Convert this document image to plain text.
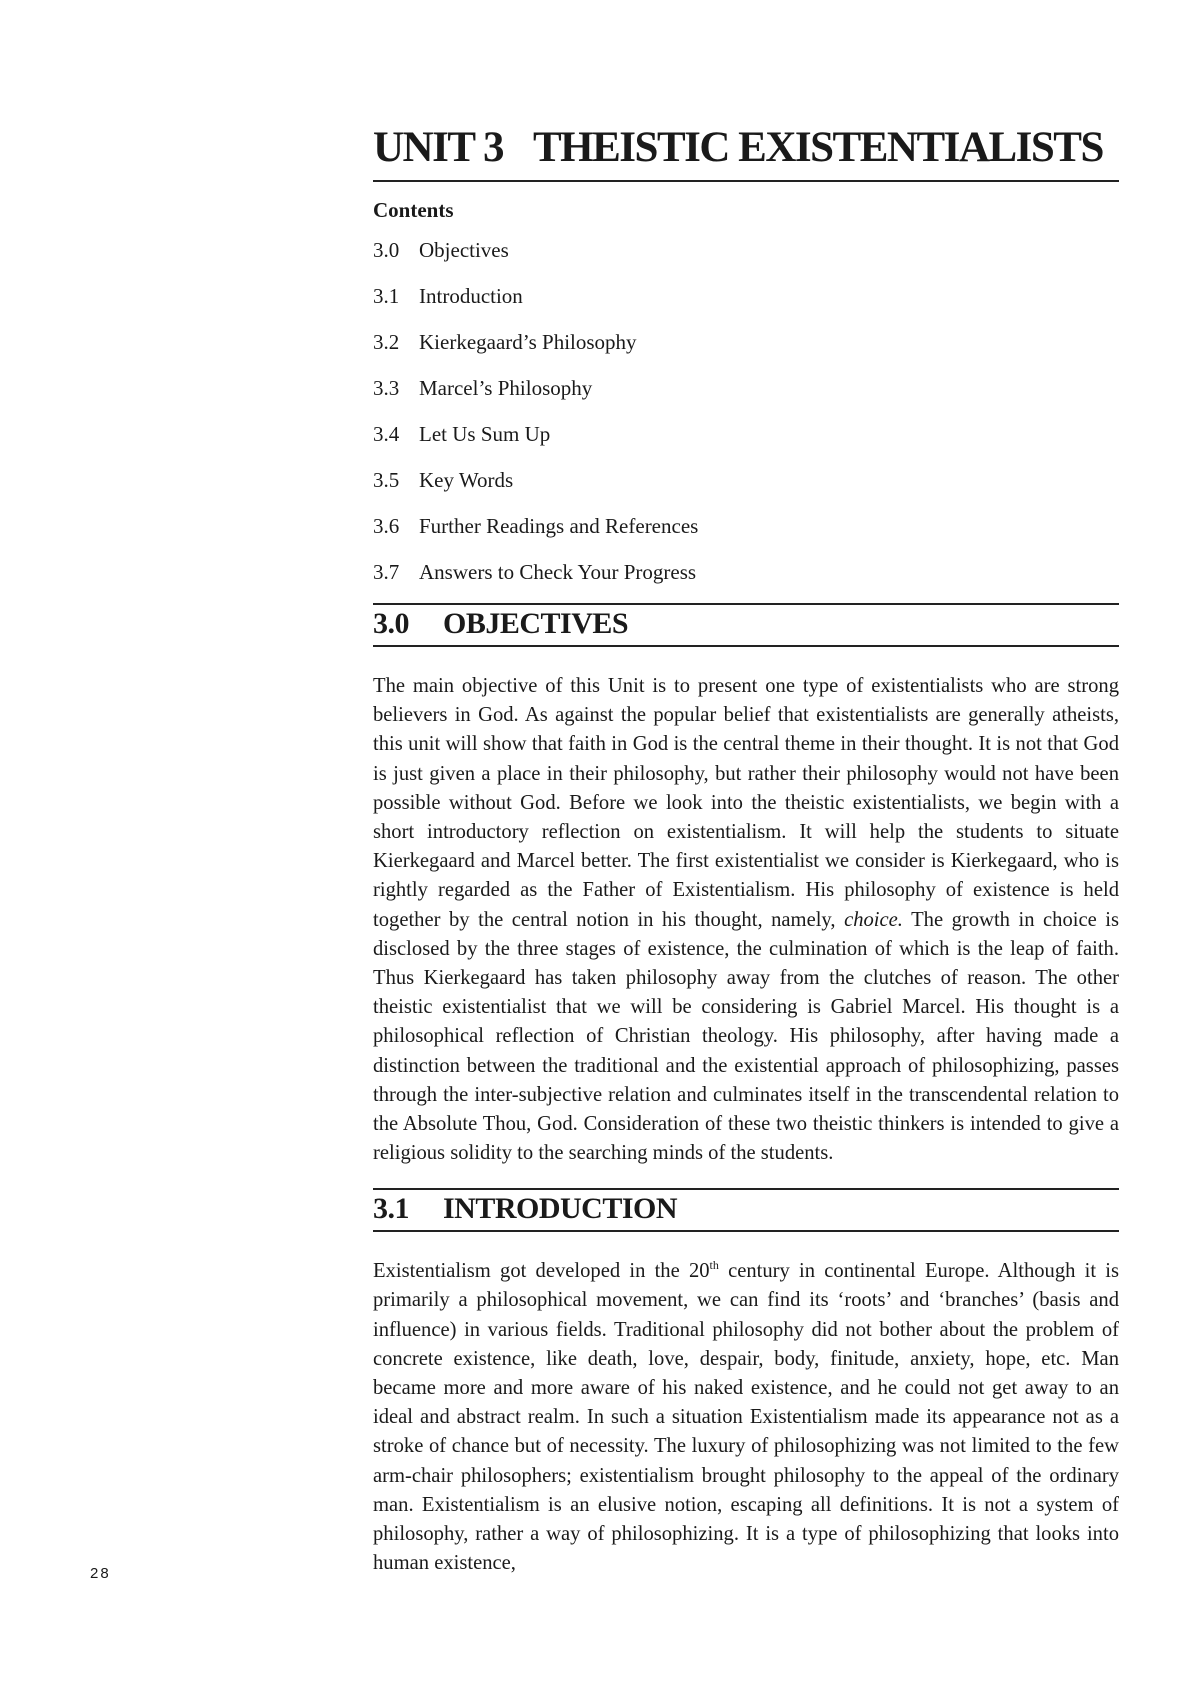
UNIT 3 THEISTIC EXISTENTIALISTS
Contents
3.0 Objectives
3.1 Introduction
3.2 Kierkegaard’s Philosophy
3.3 Marcel’s Philosophy
3.4 Let Us Sum Up
3.5 Key Words
3.6 Further Readings and References
3.7 Answers to Check Your Progress
3.0 OBJECTIVES

The main objective of this Unit is to present one type of existentialists who are strong believers in God. As against the popular belief that existentialists are generally atheists, this unit will show that faith in God is the central theme in their thought. It is not that God is just given a place in their philosophy, but rather their philosophy would not have been possible without God. Before we look into the theistic existentialists, we begin with a short introductory reflection on existentialism. It will help the students to situate Kierkegaard and Marcel better. The first existentialist we consider is Kierkegaard, who is rightly regarded as the Father of Existentialism. His philosophy of existence is held together by the central notion in his thought, namely, choice. The growth in choice is disclosed by the three stages of existence, the culmination of which is the leap of faith. Thus Kierkegaard has taken philosophy away from the clutches of reason. The other theistic existentialist that we will be considering is Gabriel Marcel. His thought is a philosophical reflection of Christian theology. His philosophy, after having made a distinction between the traditional and the existential approach of philosophizing, passes through the inter-subjective relation and culminates itself in the transcendental relation to the Absolute Thou, God. Consideration of these two theistic thinkers is intended to give a religious solidity to the searching minds of the students.

3.1 INTRODUCTION

Existentialism got developed in the 20th century in continental Europe. Although it is primarily a philosophical movement, we can find its ‘roots’ and ‘branches’ (basis and influence) in various fields. Traditional philosophy did not bother about the problem of concrete existence, like death, love, despair, body, finitude, anxiety, hope, etc. Man became more and more aware of his naked existence, and he could not get away to an ideal and abstract realm. In such a situation Existentialism made its appearance not as a stroke of chance but of necessity. The luxury of philosophizing was not limited to the few arm-chair philosophers; existentialism brought philosophy to the appeal of the ordinary man. Existentialism is an elusive notion, escaping all definitions. It is not a system of philosophy, rather a way of philosophizing. It is a type of philosophizing that looks into human existence,

28
